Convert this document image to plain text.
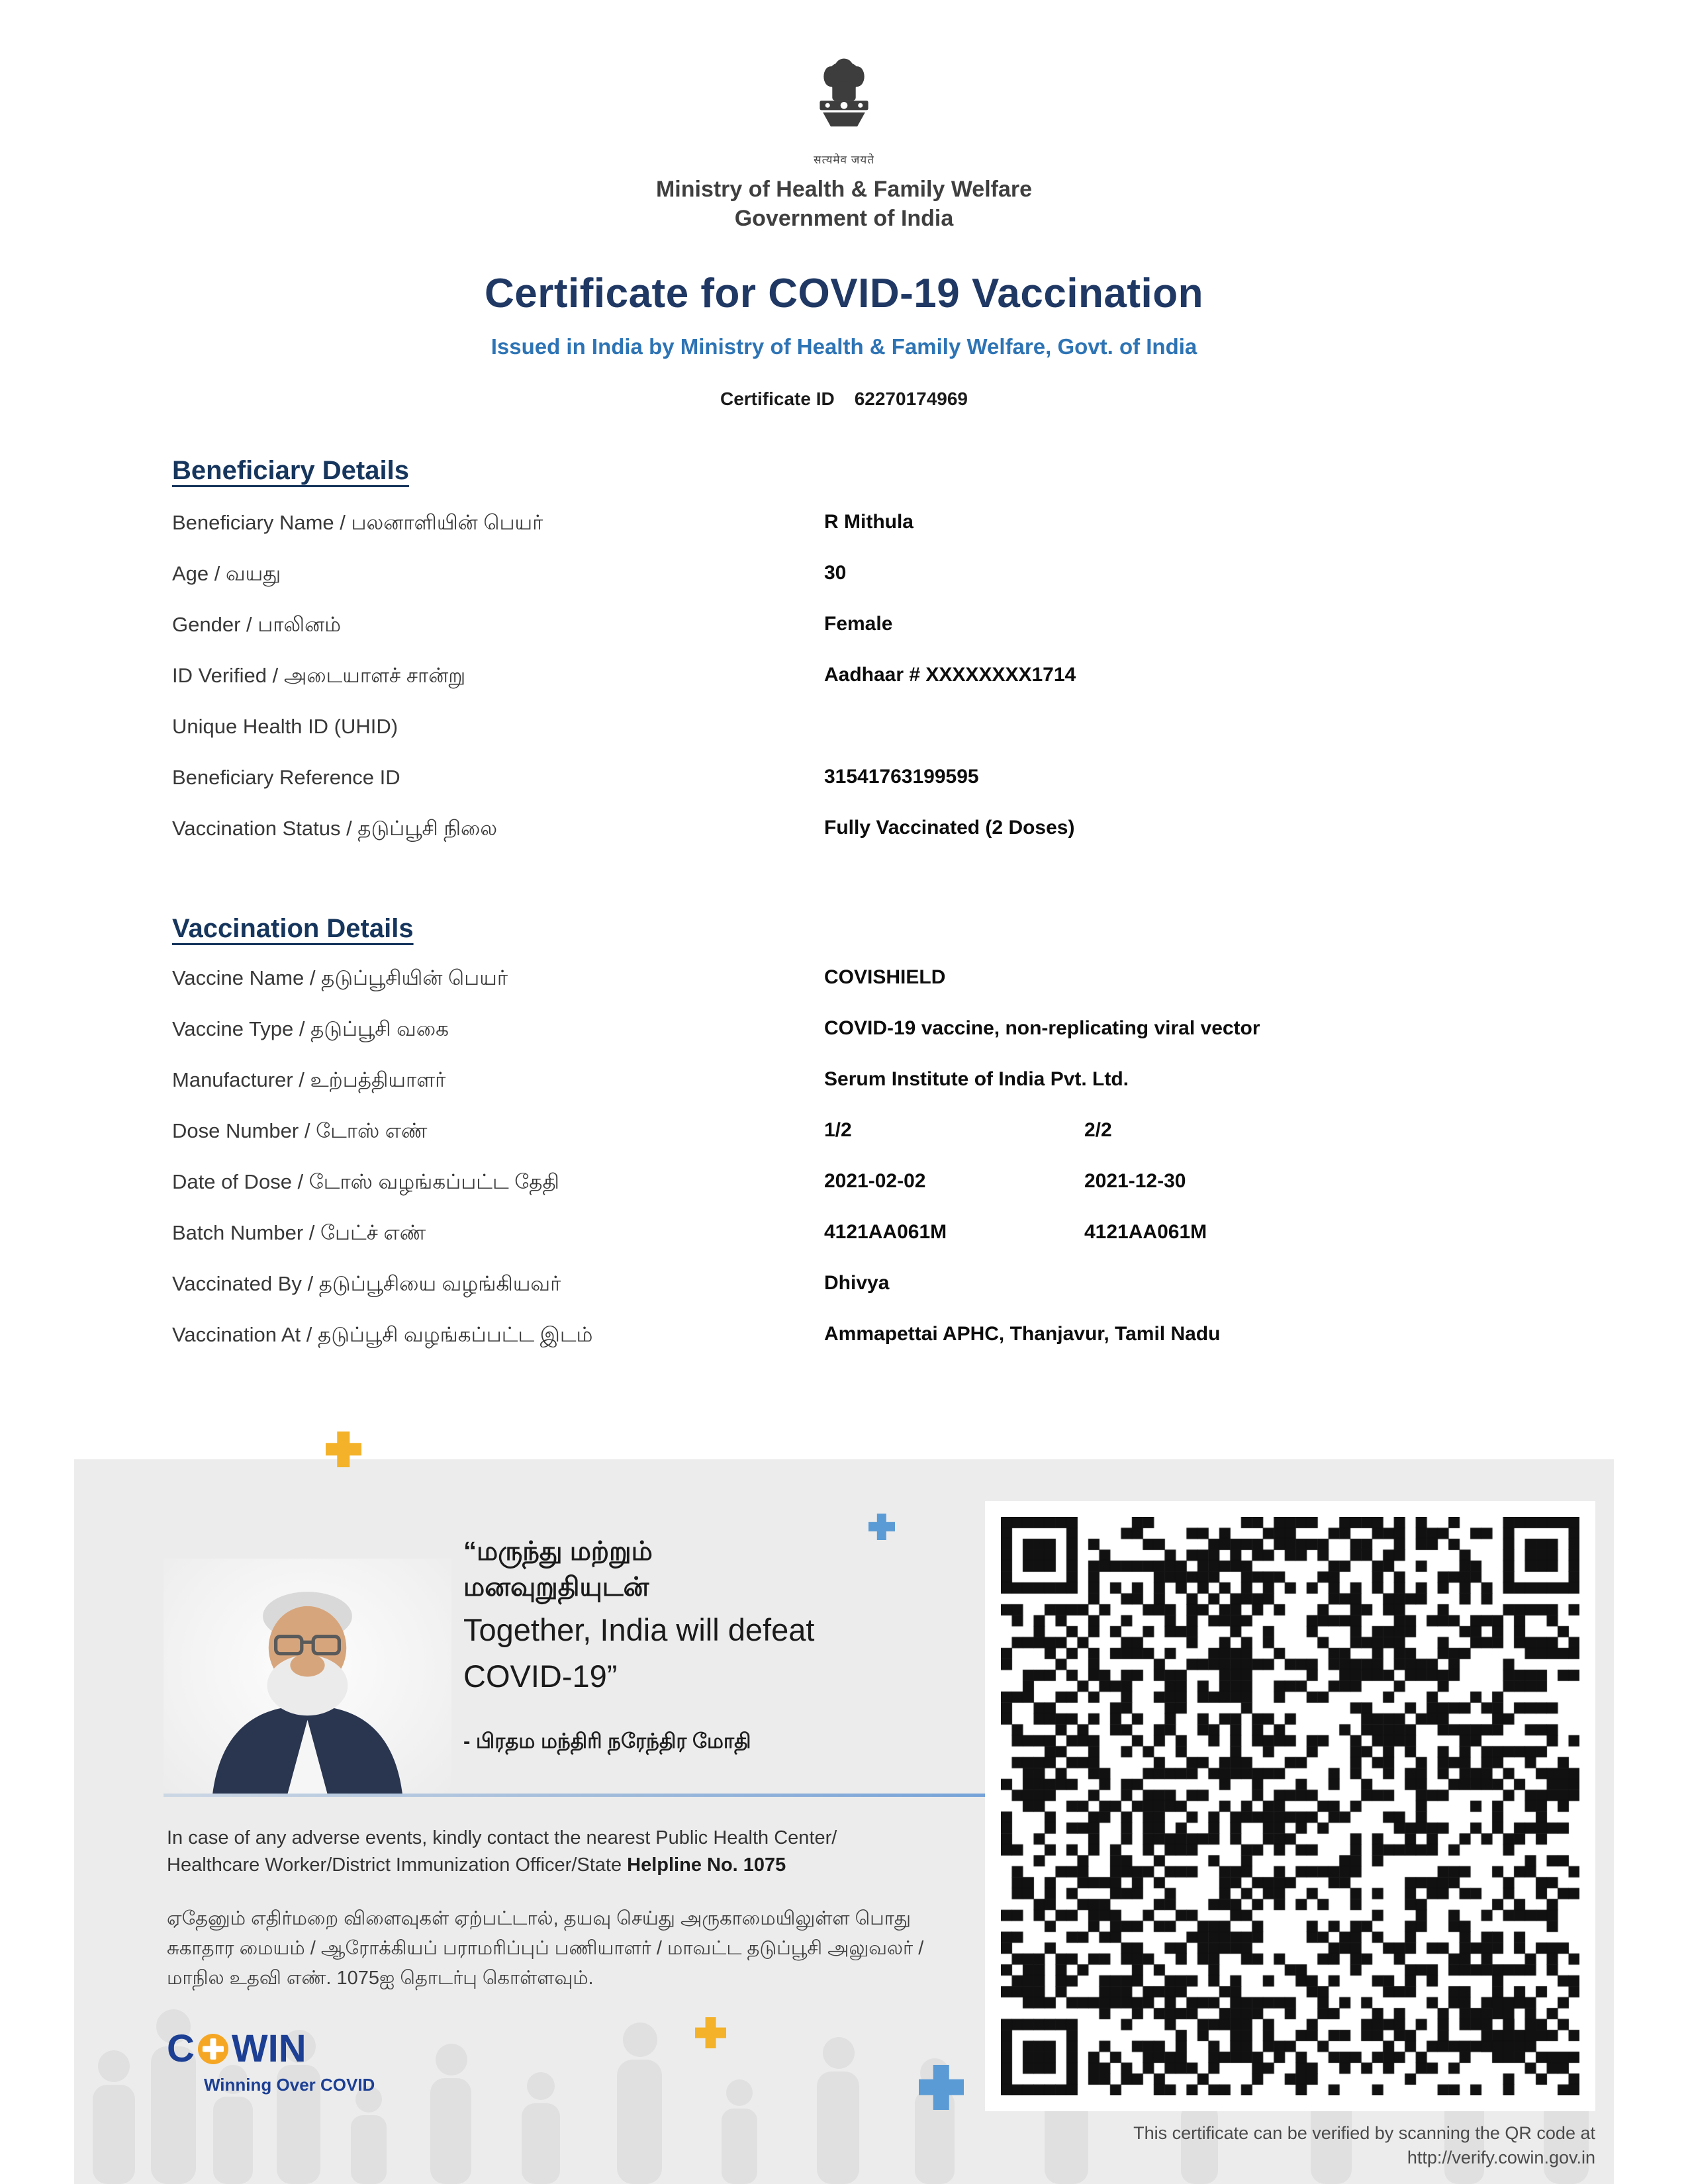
सत्यमेव जयते
Ministry of Health & Family Welfare
Government of India
Certificate for COVID-19 Vaccination
Issued in India by Ministry of Health & Family Welfare, Govt. of India
Certificate ID 62270174969
Beneficiary Details
Beneficiary Name / பலனாளியின் பெயர்	R Mithula
Age / வயது	30
Gender / பாலினம்	Female
ID Verified / அடையாளச் சான்று	Aadhaar # XXXXXXXX1714
Unique Health ID (UHID)
Beneficiary Reference ID	31541763199595
Vaccination Status / தடுப்பூசி நிலை	Fully Vaccinated (2 Doses)
Vaccination Details
Vaccine Name / தடுப்பூசியின் பெயர்	COVISHIELD
Vaccine Type / தடுப்பூசி வகை	COVID-19 vaccine, non-replicating viral vector
Manufacturer / உற்பத்தியாளர்	Serum Institute of India Pvt. Ltd.
Dose Number / டோஸ் எண்	1/2	2/2
Date of Dose / டோஸ் வழங்கப்பட்ட தேதி	2021-02-02	2021-12-30
Batch Number / பேட்ச் எண்	4121AA061M	4121AA061M
Vaccinated By / தடுப்பூசியை வழங்கியவர்	Dhivya
Vaccination At / தடுப்பூசி வழங்கப்பட்ட இடம்	Ammapettai APHC, Thanjavur, Tamil Nadu
“மருந்து மற்றும்
மனவுறுதியுடன்
Together, India will defeat
COVID-19”
- பிரதம மந்திரி நரேந்திர மோதி

In case of any adverse events, kindly contact the nearest Public Health Center/
Healthcare Worker/District Immunization Officer/State Helpline No. 1075

ஏதேனும் எதிர்மறை விளைவுகள் ஏற்பட்டால், தயவு செய்து அருகாமையிலுள்ள பொது சுகாதார மையம் / ஆரோக்கியப் பராமரிப்புப் பணியாளர் / மாவட்ட தடுப்பூசி அலுவலர் / மாநில உதவி எண். 1075ஐ தொடர்பு கொள்ளவும்.

C WIN
Winning Over COVID
This certificate can be verified by scanning the QR code at
http://verify.cowin.gov.in
